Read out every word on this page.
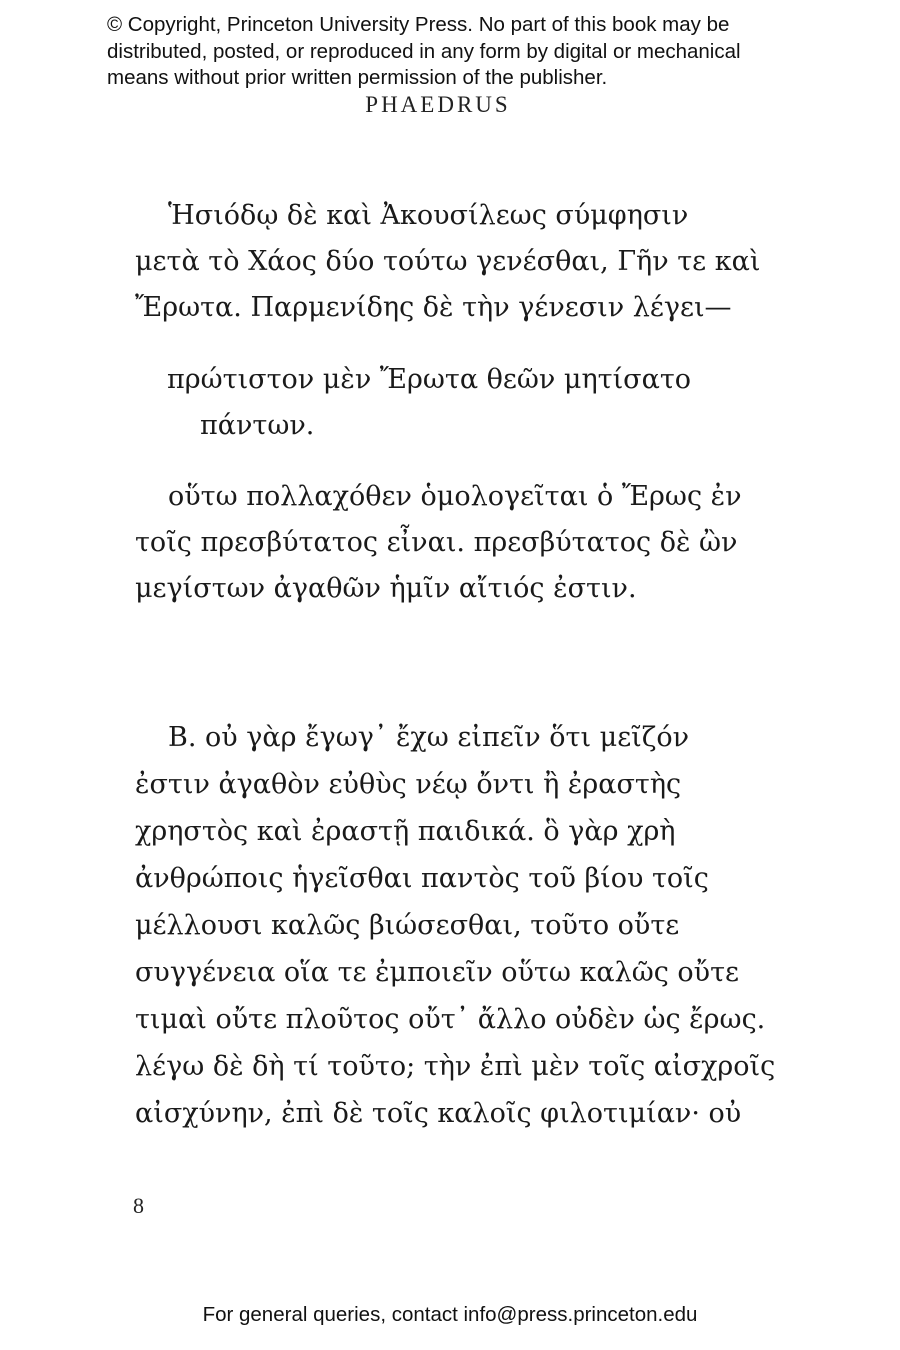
© Copyright, Princeton University Press. No part of this book may be
distributed, posted, or reproduced in any form by digital or mechanical
means without prior written permission of the publisher.
PHAEDRUS
Ἡσιόδῳ δὲ καὶ Ἀκουσίλεως σύμφησιν
μετὰ τὸ Χάος δύο τούτω γενέσθαι, Γῆν τε καὶ
Ἔρωτα. Παρμενίδης δὲ τὴν γένεσιν λέγει—
πρώτιστον μὲν Ἔρωτα θεῶν μητίσατο
πάντων.
οὕτω πολλαχόθεν ὁμολογεῖται ὁ Ἔρως ἐν
τοῖς πρεσβύτατος εἶναι. πρεσβύτατος δὲ ὢν
μεγίστων ἀγαθῶν ἡμῖν αἴτιός ἐστιν.
B. οὐ γὰρ ἔγωγ᾽ ἔχω εἰπεῖν ὅτι μεῖζόν
ἐστιν ἀγαθὸν εὐθὺς νέῳ ὄντι ἢ ἐραστὴς
χρηστὸς καὶ ἐραστῇ παιδικά. ὃ γὰρ χρὴ
ἀνθρώποις ἡγεῖσθαι παντὸς τοῦ βίου τοῖς
μέλλουσι καλῶς βιώσεσθαι, τοῦτο οὔτε
συγγένεια οἵα τε ἐμποιεῖν οὕτω καλῶς οὔτε
τιμαὶ οὔτε πλοῦτος οὔτ᾽ ἄλλο οὐδὲν ὡς ἔρως.
λέγω δὲ δὴ τί τοῦτο; τὴν ἐπὶ μὲν τοῖς αἰσχροῖς
αἰσχύνην, ἐπὶ δὲ τοῖς καλοῖς φιλοτιμίαν· οὐ
8
For general queries, contact info@press.princeton.edu
